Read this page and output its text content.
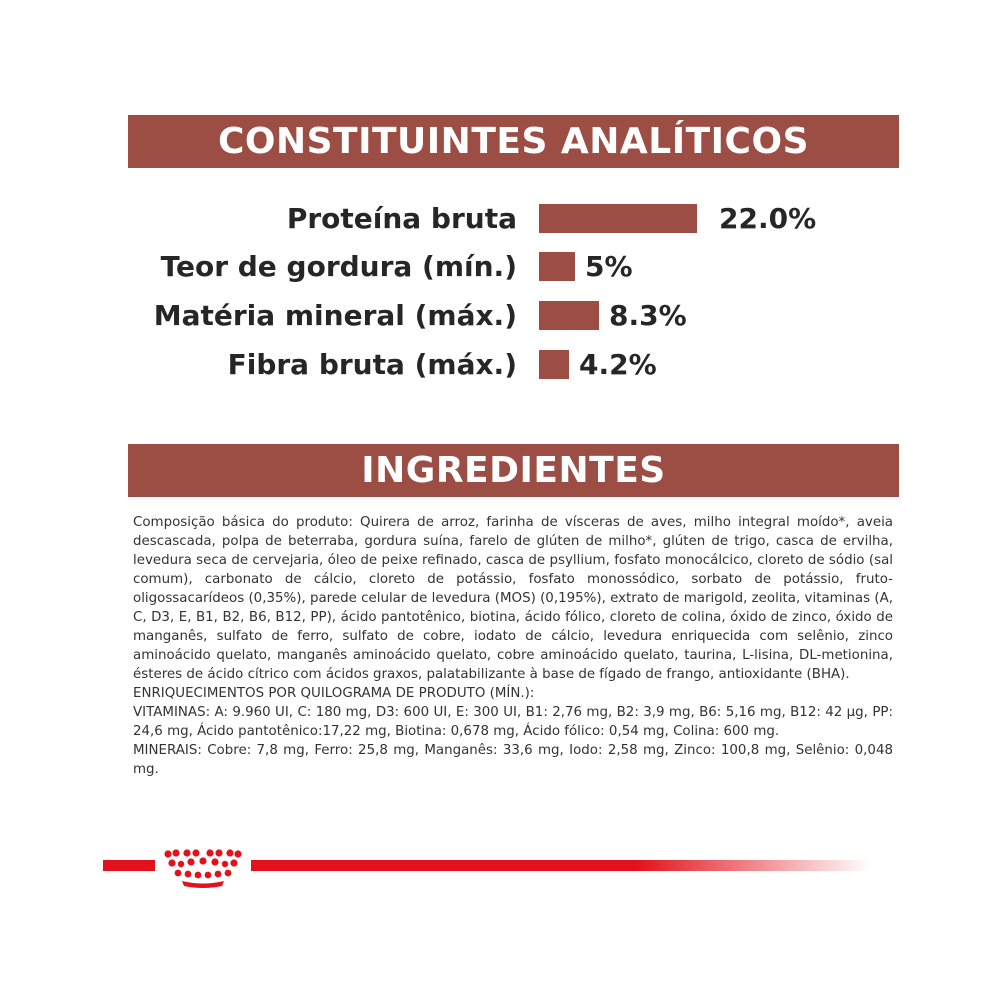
CONSTITUINTES ANALÍTICOS
Proteína bruta	22.0%
Teor de gordura (mín.) 5%
Matéria mineral (máx.)	8.3%
Fibra bruta (máx.) 4.2%
INGREDIENTES

Composição básica do produto: Quirera de arroz, farinha de vísceras de aves, milho integral moído*, aveia descascada, polpa de beterraba, gordura suína, farelo de glúten de milho*, glúten de trigo, casca de ervilha, levedura seca de cervejaria, óleo de peixe refinado, casca de psyllium, fosfato monocálcico, cloreto de sódio (sal comum), carbonato de cálcio, cloreto de potássio, fosfato monossódico, sorbato de potássio, fruto-oligossacarídeos (0,35%), parede celular de levedura (MOS) (0,195%), extrato de marigold, zeolita, vitaminas (A, C, D3, E, B1, B2, B6, B12, PP), ácido pantotênico, biotina, ácido fólico, cloreto de colina, óxido de zinco, óxido de manganês, sulfato de ferro, sulfato de cobre, iodato de cálcio, levedura enriquecida com selênio, zinco aminoácido quelato, manganês aminoácido quelato, cobre aminoácido quelato, taurina, L-lisina, DL-metionina, ésteres de ácido cítrico com ácidos graxos, palatabilizante à base de fígado de frango, antioxidante (BHA).

ENRIQUECIMENTOS POR QUILOGRAMA DE PRODUTO (MÍN.):

VITAMINAS: A: 9.960 UI, C: 180 mg, D3: 600 UI, E: 300 UI, B1: 2,76 mg, B2: 3,9 mg, B6: 5,16 mg, B12: 42 µg, PP: 24,6 mg, Ácido pantotênico:17,22 mg, Biotina: 0,678 mg, Ácido fólico: 0,54 mg, Colina: 600 mg.

MINERAIS: Cobre: 7,8 mg, Ferro: 25,8 mg, Manganês: 33,6 mg, Iodo: 2,58 mg, Zinco: 100,8 mg, Selênio: 0,048 mg.
